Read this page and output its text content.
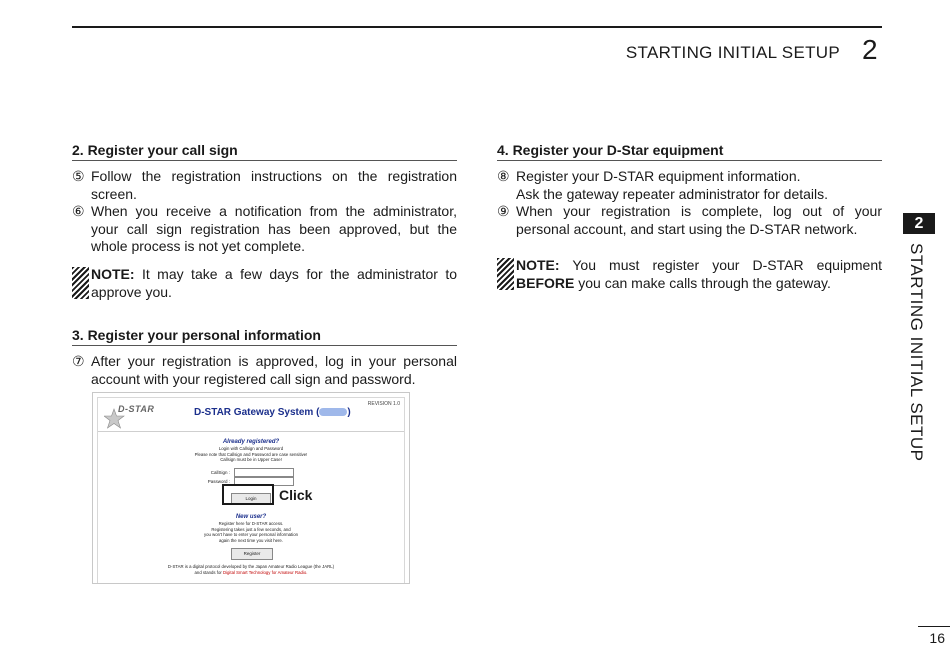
STARTING INITIAL SETUP 2
2
STARTING INITIAL SETUP
16
2. Register your call sign
⑤ Follow the registration instructions on the registration screen.
⑥ When you receive a notification from the administrator, your call sign registration has been approved, but the whole process is not yet complete.
NOTE: It may take a few days for the administrator to approve you.
3. Register your personal information
⑦ After your registration is approved, log in your personal account with your registered call sign and password.
REVISION 1.0
D-STAR	D-STAR Gateway System (	)
Already registered?
Login with Callsign and Password
Please note that Callsign and Password are case sensitive!
Callsign must be in Upper Case!
CallSign :
Password :
Login
New user?
Register here for D-STAR access.
Registering takes just a few seconds, and
you won't have to enter your personal information
again the next time you visit here.
Register
D-STAR is a digital protocol developed by the Japan Amateur Radio League (the JARL)
and stands for Digital Smart Technology for Amateur Radio.
Click
4. Register your D-Star equipment
⑧ Register your D-STAR equipment information.
Ask the gateway repeater administrator for details.
⑨ When your registration is complete, log out of your personal account, and start using the D-STAR network.
NOTE: You must register your D-STAR equipment BEFORE you can make calls through the gateway.
